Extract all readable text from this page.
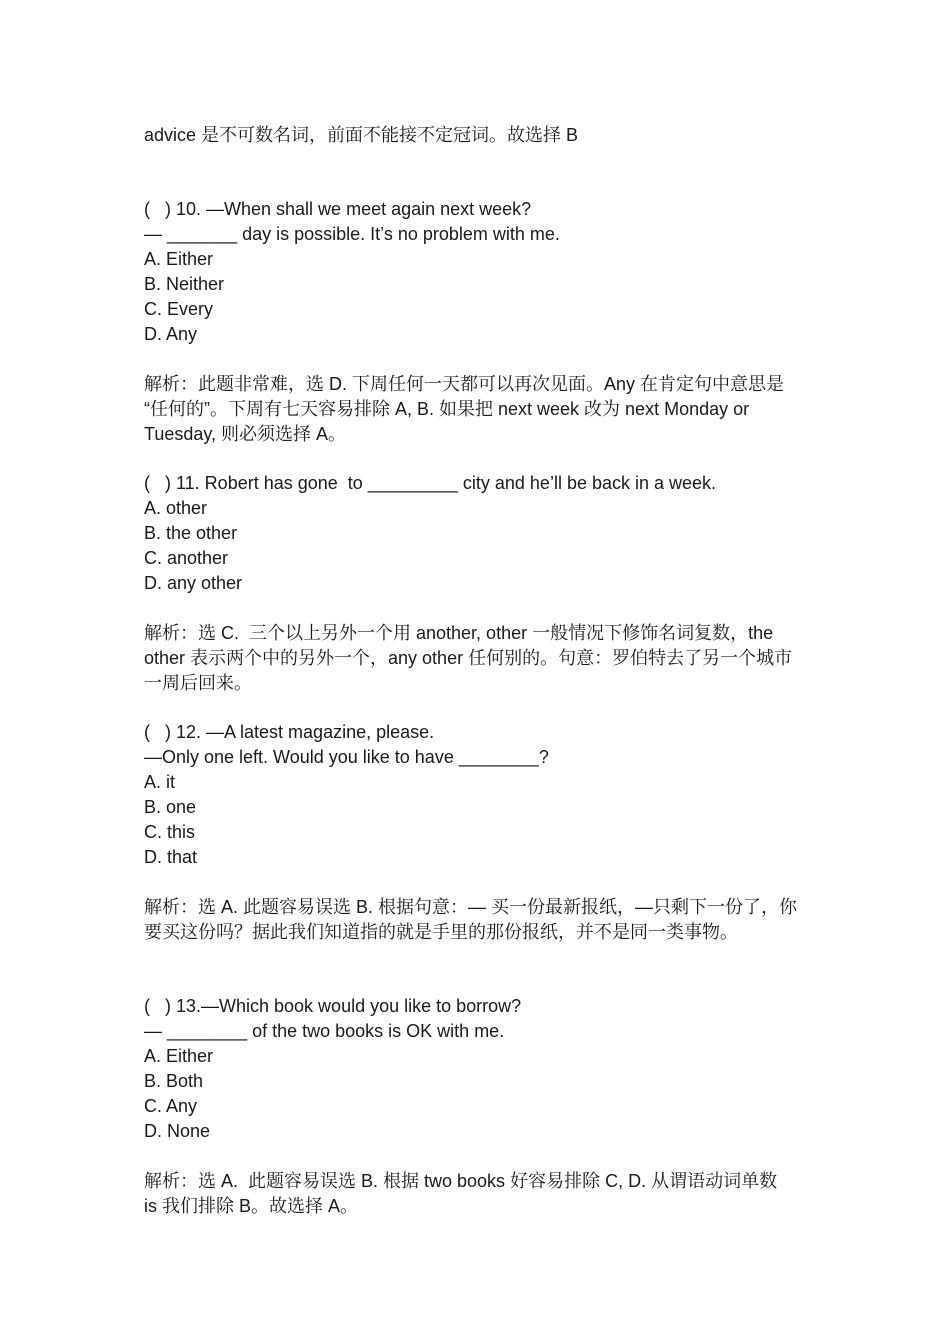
advice 是不可数名词，前面不能接不定冠词。故选择 B
(   ) 10. —When shall we meet again next week?
— _______ day is possible. It’s no problem with me.
A. Either
B. Neither
C. Every
D. Any
解析：此题非常难，选 D. 下周任何一天都可以再次见面。Any 在肯定句中意思是
“任何的”。下周有七天容易排除 A, B. 如果把 next week 改为 next Monday or
Tuesday, 则必须选择 A。
(   ) 11. Robert has gone  to _________ city and he’ll be back in a week.
A. other
B. the other
C. another
D. any other
解析：选 C.  三个以上另外一个用 another, other 一般情况下修饰名词复数，the
other 表示两个中的另外一个，any other 任何别的。句意：罗伯特去了另一个城市
一周后回来。
(   ) 12. —A latest magazine, please.
—Only one left. Would you like to have ________?
A. it
B. one
C. this
D. that
解析：选 A. 此题容易误选 B. 根据句意：— 买一份最新报纸，—只剩下一份了，你
要买这份吗？据此我们知道指的就是手里的那份报纸，并不是同一类事物。
(   ) 13.—Which book would you like to borrow?
— ________ of the two books is OK with me.
A. Either
B. Both
C. Any
D. None
解析：选 A.  此题容易误选 B. 根据 two books 好容易排除 C, D. 从谓语动词单数
is 我们排除 B。故选择 A。
